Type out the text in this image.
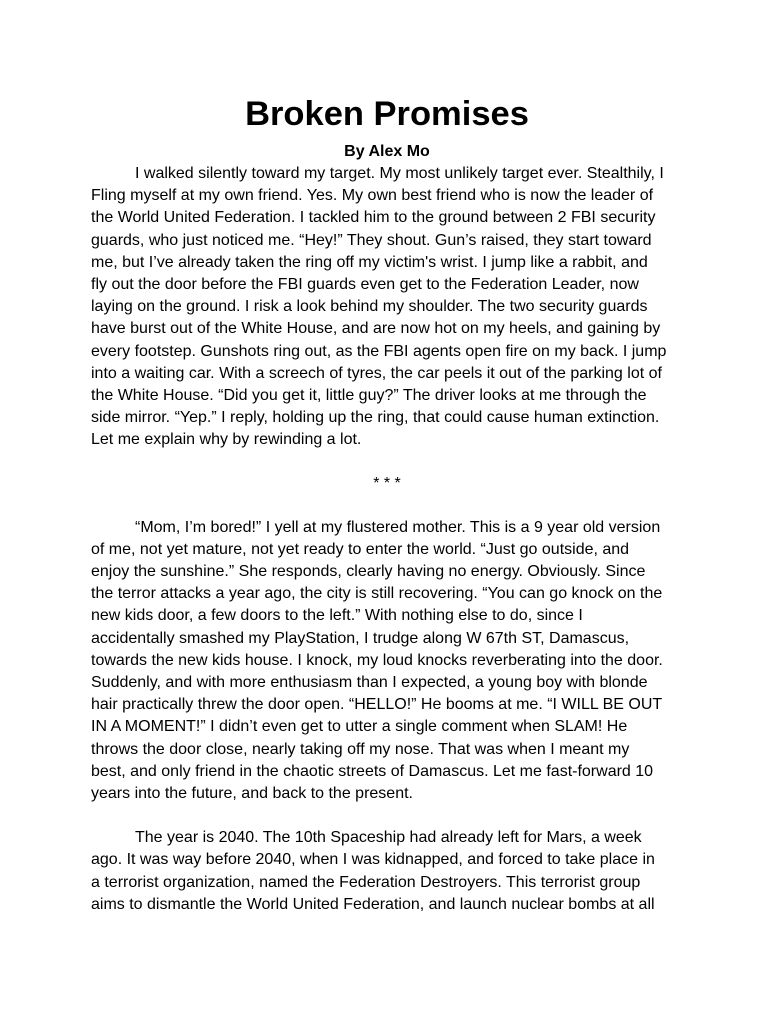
Broken Promises
By Alex Mo

I walked silently toward my target. My most unlikely target ever. Stealthily, I
Fling myself at my own friend. Yes. My own best friend who is now the leader of
the World United Federation. I tackled him to the ground between 2 FBI security
guards, who just noticed me. “Hey!” They shout. Gun’s raised, they start toward
me, but I’ve already taken the ring off my victim's wrist. I jump like a rabbit, and
fly out the door before the FBI guards even get to the Federation Leader, now
laying on the ground. I risk a look behind my shoulder. The two security guards
have burst out of the White House, and are now hot on my heels, and gaining by
every footstep. Gunshots ring out, as the FBI agents open fire on my back. I jump
into a waiting car. With a screech of tyres, the car peels it out of the parking lot of
the White House. “Did you get it, little guy?” The driver looks at me through the
side mirror. “Yep.” I reply, holding up the ring, that could cause human extinction.
Let me explain why by rewinding a lot.

* * *

“Mom, I’m bored!” I yell at my flustered mother. This is a 9 year old version
of me, not yet mature, not yet ready to enter the world. “Just go outside, and
enjoy the sunshine.” She responds, clearly having no energy. Obviously. Since
the terror attacks a year ago, the city is still recovering. “You can go knock on the
new kids door, a few doors to the left.” With nothing else to do, since I
accidentally smashed my PlayStation, I trudge along W 67th ST, Damascus,
towards the new kids house. I knock, my loud knocks reverberating into the door.
Suddenly, and with more enthusiasm than I expected, a young boy with blonde
hair practically threw the door open. “HELLO!” He booms at me. “I WILL BE OUT
IN A MOMENT!” I didn’t even get to utter a single comment when SLAM! He
throws the door close, nearly taking off my nose. That was when I meant my
best, and only friend in the chaotic streets of Damascus. Let me fast-forward 10
years into the future, and back to the present.

The year is 2040. The 10th Spaceship had already left for Mars, a week
ago. It was way before 2040, when I was kidnapped, and forced to take place in
a terrorist organization, named the Federation Destroyers. This terrorist group
aims to dismantle the World United Federation, and launch nuclear bombs at all
